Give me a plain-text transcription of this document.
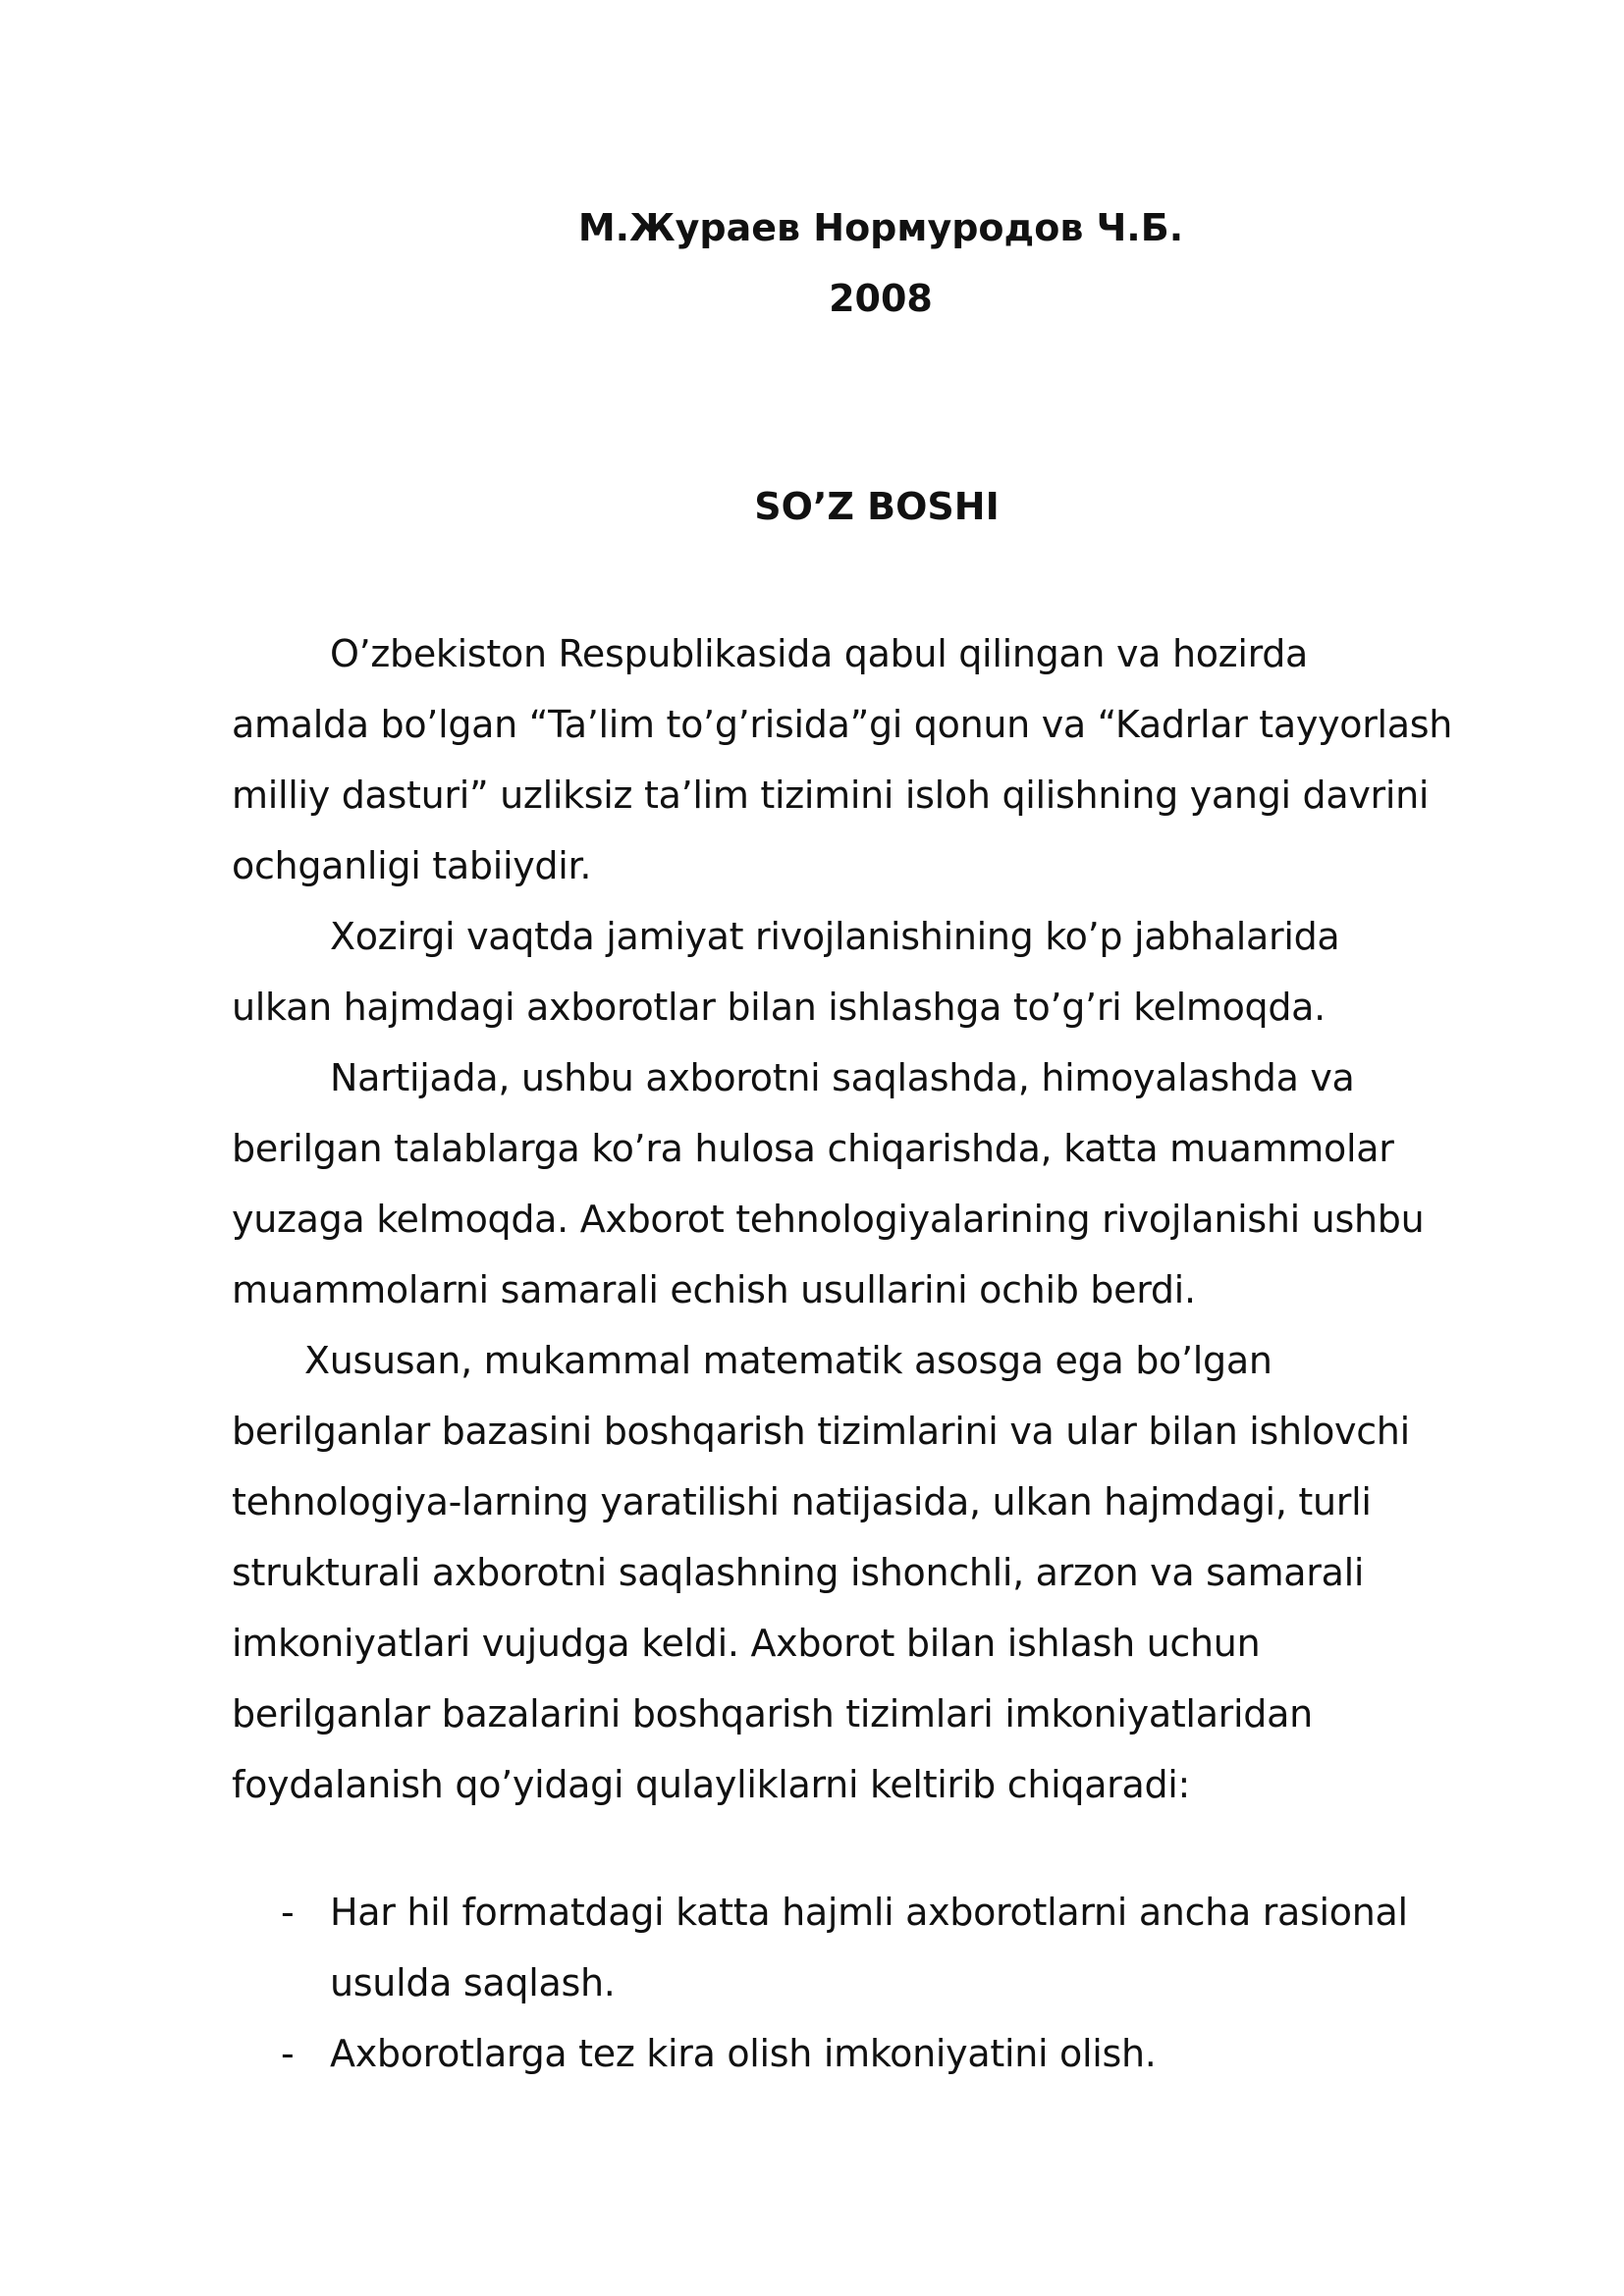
М.Жураев Нормуродов Ч.Б.
2008
SO’Z BOSHI

O’zbekiston Respublikasida qabul qilingan va hozirda
amalda bo’lgan “Ta’lim to’g’risida”gi qonun va “Kadrlar tayyorlash
milliy dasturi” uzliksiz ta’lim tizimini isloh qilishning yangi davrini
ochganligi tabiiydir.

Xozirgi vaqtda jamiyat rivojlanishining ko’p jabhalarida
ulkan hajmdagi axborotlar bilan ishlashga to’g’ri kelmoqda.

Nartijada, ushbu axborotni saqlashda, himoyalashda va
berilgan talablarga ko’ra hulosa chiqarishda, katta muammolar
yuzaga kelmoqda. Axborot tehnologiyalarining rivojlanishi ushbu
muammolarni samarali echish usullarini ochib berdi.

Xususan, mukammal matematik asosga ega bo’lgan
berilganlar bazasini boshqarish tizimlarini va ular bilan ishlovchi
tehnologiya-larning yaratilishi natijasida, ulkan hajmdagi, turli
strukturali axborotni saqlashning ishonchli, arzon va samarali
imkoniyatlari vujudga keldi. Axborot bilan ishlash uchun
berilganlar bazalarini boshqarish tizimlari imkoniyatlaridan
foydalanish qo’yidagi qulayliklarni keltirib chiqaradi:

- Har hil formatdagi katta hajmli axborotlarni ancha rasional
usulda saqlash.
- Axborotlarga tez kira olish imkoniyatini olish.
